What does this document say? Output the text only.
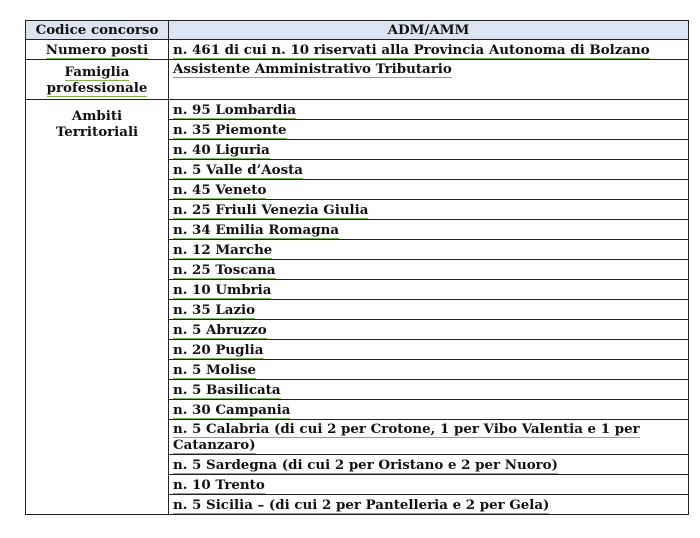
Codice concorso	ADM/AMM
Numero posti	n. 461 di cui n. 10 riservati alla Provincia Autonoma di Bolzano
Famiglia professionale	Assistente Amministrativo Tributario
Ambiti Territoriali	n. 95 Lombardia
	n. 35 Piemonte
	n. 40 Liguria
	n. 5 Valle d’Aosta
	n. 45 Veneto
	n. 25 Friuli Venezia Giulia
	n. 34 Emilia Romagna
	n. 12 Marche
	n. 25 Toscana
	n. 10 Umbria
	n. 35 Lazio
	n. 5 Abruzzo
	n. 20 Puglia
	n. 5 Molise
	n. 5 Basilicata
	n. 30 Campania
	n. 5 Calabria (di cui 2 per Crotone, 1 per Vibo Valentia e 1 per Catanzaro)
	n. 5 Sardegna (di cui 2 per Oristano e 2 per Nuoro)
	n. 10 Trento
	n. 5 Sicilia – (di cui 2 per Pantelleria e 2 per Gela)
